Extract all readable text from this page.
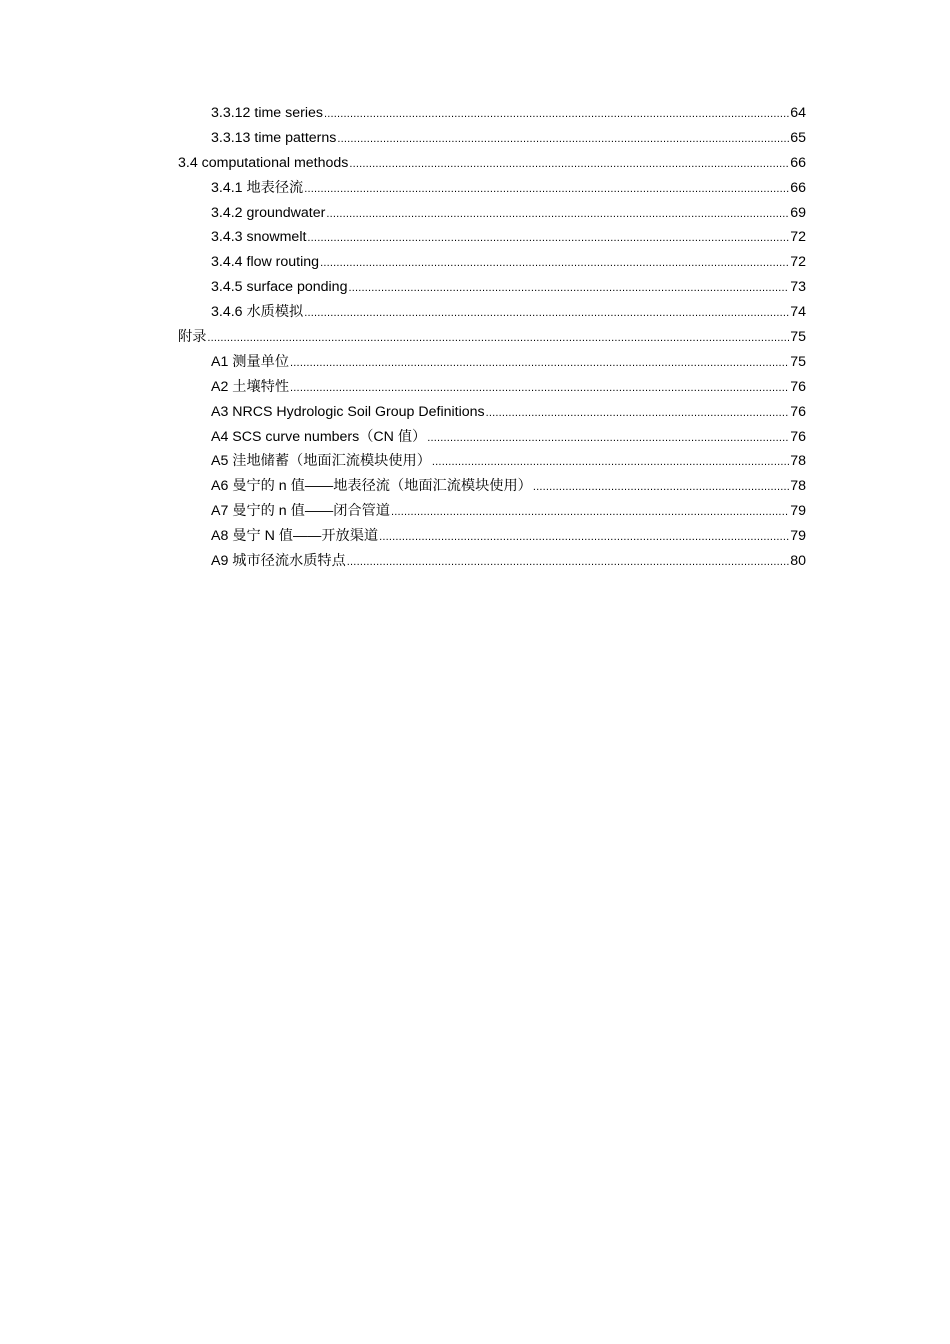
3.3.12 time series .....	64
3.3.13 time patterns .....	65
3.4 computational methods .....	66
3.4.1 地表径流 .....	66
3.4.2 groundwater .....	69
3.4.3 snowmelt .....	72
3.4.4 flow routing .....	72
3.4.5 surface ponding .....	73
3.4.6 水质模拟 .....	74
附录 .....	75
A1 测量单位 .....	75
A2 土壤特性 .....	76
A3 NRCS Hydrologic Soil Group Definitions .....	76
A4 SCS curve numbers（CN 值） .....	76
A5 洼地储蓄（地面汇流模块使用） .....	78
A6 曼宁的 n 值——地表径流（地面汇流模块使用） .....	78
A7 曼宁的 n 值——闭合管道 .....	79
A8 曼宁 N 值——开放渠道 .....	79
A9 城市径流水质特点 .....	80
